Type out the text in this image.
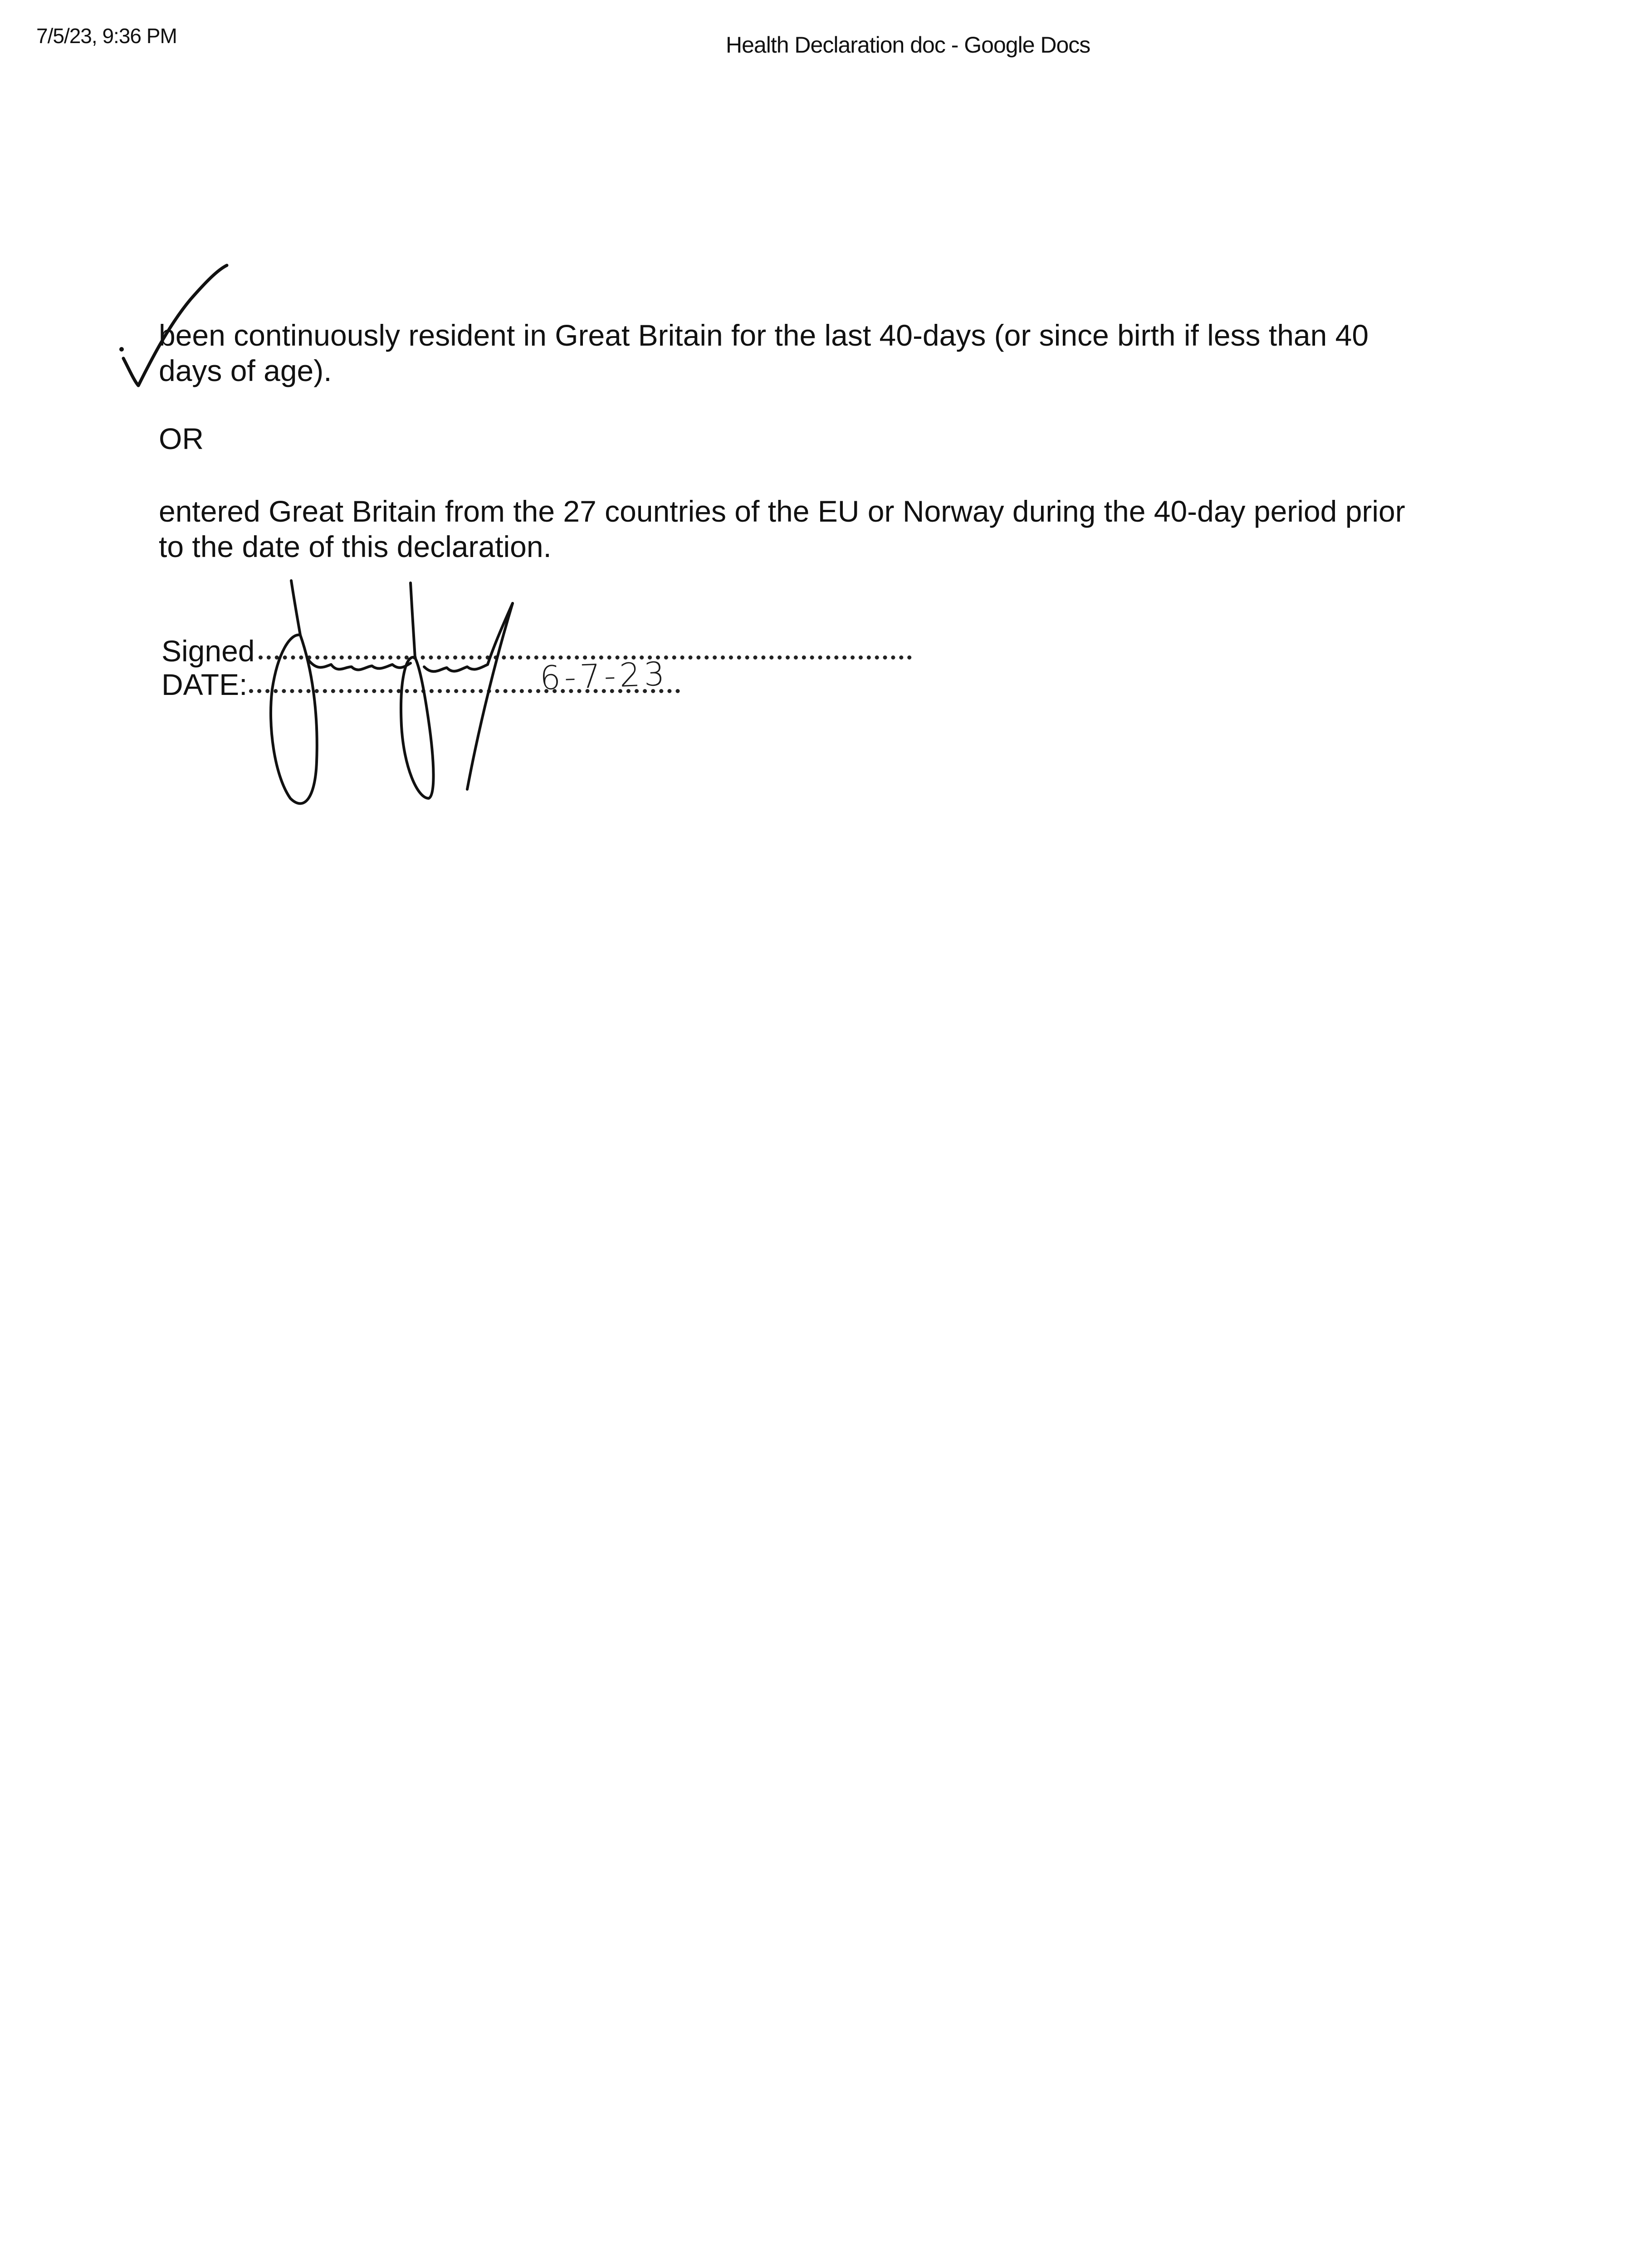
7/5/23, 9:36 PM	Health Declaration doc - Google Docs
been continuously resident in Great Britain for the last 40-days (or since birth if less than 40
days of age).
OR
entered Great Britain from the 27 countries of the EU or Norway during the 40-day period prior
to the date of this declaration.
Signed
DATE:	6-7-23
